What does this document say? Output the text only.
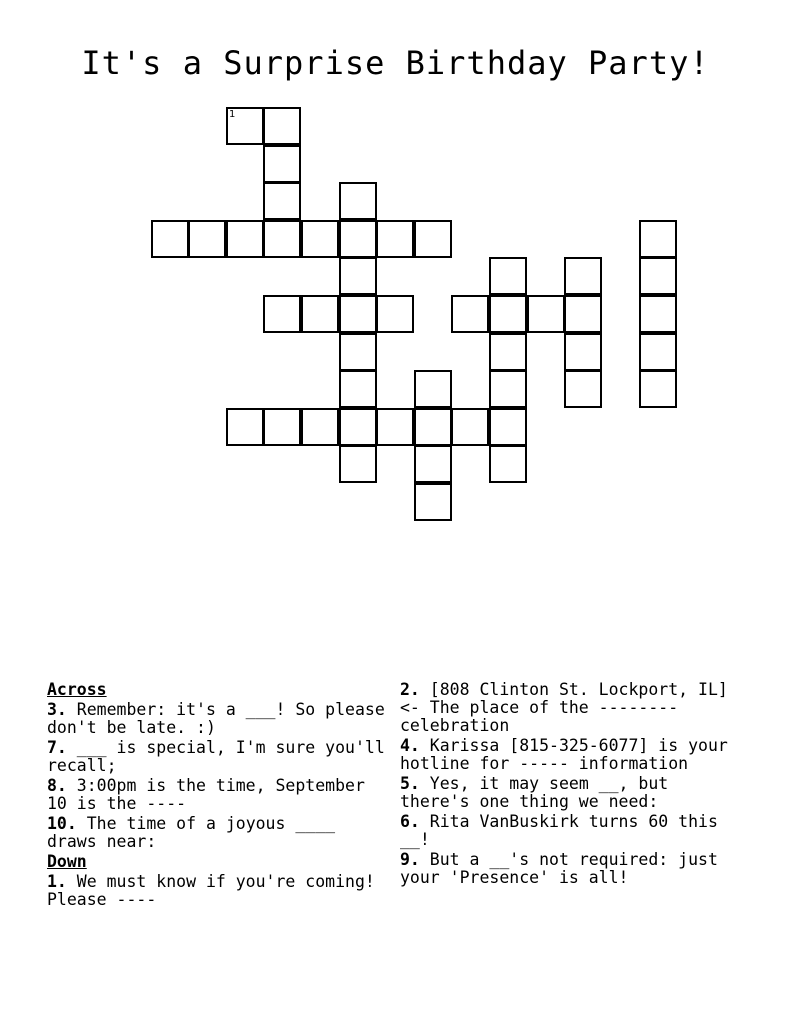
It's a Surprise Birthday Party!
1
Across
3. Remember: it's a ___! So please don't be late. :)
7. ___ is special, I'm sure you'll recall;
8. 3:00pm is the time, September 10 is the ----
10. The time of a joyous ____ draws near:
Down
1. We must know if you're coming! Please ----
2. [808 Clinton St. Lockport, IL]<- The place of the -------- celebration
4. Karissa [815-325-6077] is your hotline for ----- information
5. Yes, it may seem __, but there's one thing we need:
6. Rita VanBuskirk turns 60 this __!
9. But a __'s not required: just your 'Presence' is all!
